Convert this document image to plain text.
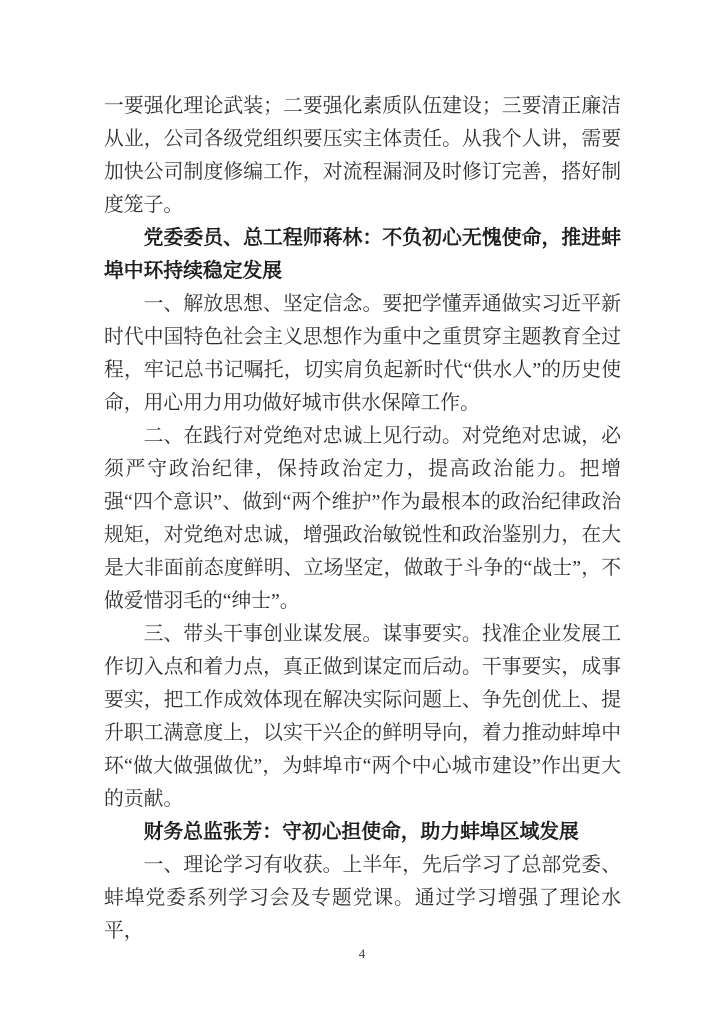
一要强化理论武装；二要强化素质队伍建设；三要清正廉洁从业，公司各级党组织要压实主体责任。从我个人讲，需要加快公司制度修编工作，对流程漏洞及时修订完善，搭好制度笼子。

党委委员、总工程师蒋林：不负初心无愧使命，推进蚌埠中环持续稳定发展

一、解放思想、坚定信念。要把学懂弄通做实习近平新时代中国特色社会主义思想作为重中之重贯穿主题教育全过程，牢记总书记嘱托，切实肩负起新时代“供水人”的历史使命，用心用力用功做好城市供水保障工作。

二、在践行对党绝对忠诚上见行动。对党绝对忠诚，必须严守政治纪律，保持政治定力，提高政治能力。把增强“四个意识”、做到“两个维护”作为最根本的政治纪律政治规矩，对党绝对忠诚，增强政治敏锐性和政治鉴别力，在大是大非面前态度鲜明、立场坚定，做敢于斗争的“战士”，不做爱惜羽毛的“绅士”。

三、带头干事创业谋发展。谋事要实。找准企业发展工作切入点和着力点，真正做到谋定而后动。干事要实，成事要实，把工作成效体现在解决实际问题上、争先创优上、提升职工满意度上，以实干兴企的鲜明导向，着力推动蚌埠中环“做大做强做优”，为蚌埠市“两个中心城市建设”作出更大的贡献。

财务总监张芳：守初心担使命，助力蚌埠区域发展

一、理论学习有收获。上半年，先后学习了总部党委、蚌埠党委系列学习会及专题党课。通过学习增强了理论水平，

4
